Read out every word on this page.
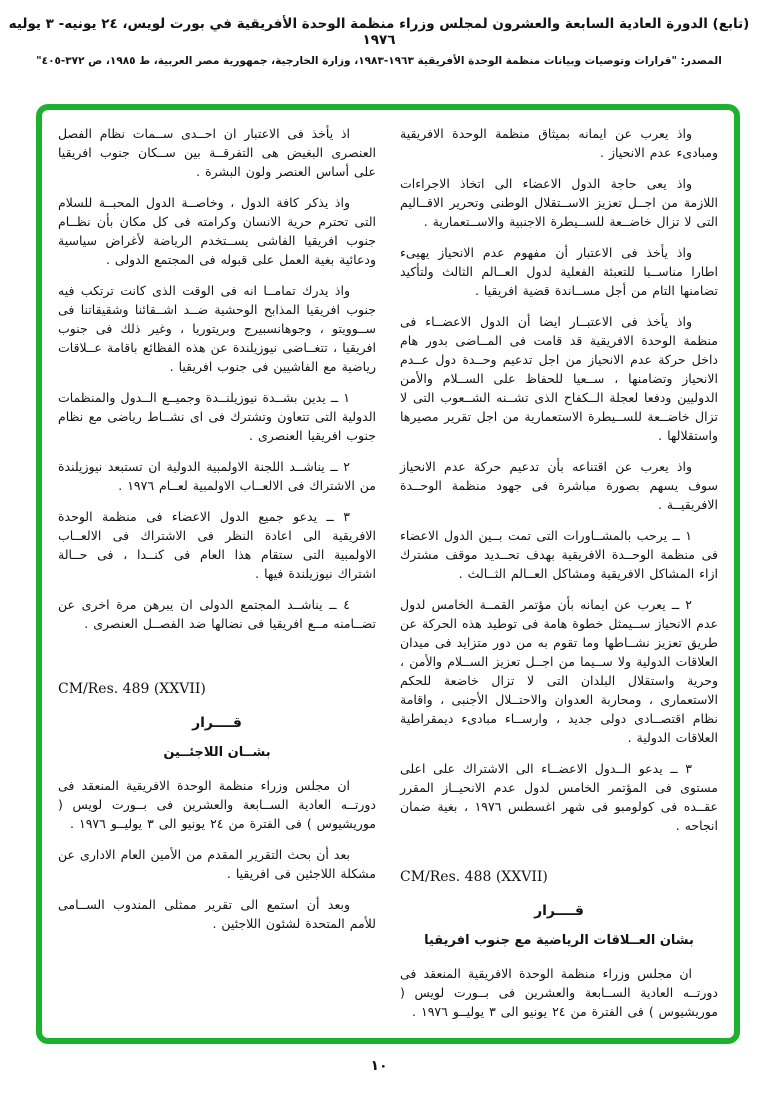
(تابع) الدورة العادية السابعة والعشرون لمجلس وزراء منظمة الوحدة الأفريقية في بورت لويس، ٢٤ يونيه- ٣ يوليه ١٩٧٦
المصدر: "قرارات وتوصيات وبيانات منظمة الوحدة الأفريقية ١٩٦٣-١٩٨٣، وزارة الخارجية، جمهورية مصر العربية، ط ١٩٨٥، ص ٣٧٢-٤٠٥"

واذ يعرب عن ايمانه بميثاق منظمة الوحدة الافريقية ومبادىء عدم الانحياز .

واذ يعى حاجة الدول الاعضاء الى اتخاذ الاجراءات اللازمة من اجــل تعزيز الاســتقلال الوطنى وتحرير الاقــاليم التى لا تزال خاضــعة للســيطرة الاجنبية والاســتعمارية .

واذ يأخذ فى الاعتبار أن مفهوم عدم الانحياز يهيىء اطارا مناســبا للتعبئة الفعلية لدول العــالم الثالث ولتأكيد تضامنها التام من أجل مســاندة قضية افريقيا .

واذ يأخذ فى الاعتبــار ايضا أن الدول الاعضــاء فى منظمة الوحدة الافريقية قد قامت فى المــاضى بدور هام داخل حركة عدم الانحياز من اجل تدعيم وحــدة دول عــدم الانحياز وتضامنها ، ســعيا للحفاظ على الســلام والأمن الدوليين ودفعا لعجلة الــكفاح الذى تشــنه الشــعوب التى لا تزال خاضــعة للســيطرة الاستعمارية من اجل تقرير مصيرها واستقلالها .

واذ يعرب عن اقتناعه بأن تدعيم حركة عدم الانحياز سوف يسهم بصورة مباشرة فى جهود منظمة الوحــدة الافريقيــة .

١ ــ يرحب بالمشــاورات التى تمت بــين الدول الاعضاء فى منظمة الوحــدة الافريقية بهدف تحــديد موقف مشترك ازاء المشاكل الافريقية ومشاكل العــالم الثــالث .

٢ ــ يعرب عن ايمانه بأن مؤتمر القمــة الخامس لدول عدم الانحياز ســيمثل خطوة هامة فى توطيد هذه الحركة عن طريق تعزيز نشــاطها وما تقوم به من دور متزايد فى ميدان العلاقات الدولية ولا ســيما من اجــل تعزيز الســلام والأمن ، وحرية واستقلال البلدان التى لا تزال خاضعة للحكم الاستعمارى ، ومحاربة العدوان والاحتــلال الأجنبى ، واقامة نظام اقتصــادى دولى جديد ، وارســاء مبادىء ديمقراطية العلاقات الدولية .

٣ ــ يدعو الــدول الاعضــاء الى الاشتراك على اعلى مستوى فى المؤتمر الخامس لدول عدم الانحيــاز المقرر عقــده فى كولومبو فى شهر اغسطس ١٩٧٦ ، بغية ضمان انجاحه .

CM/Res. 488 (XXVII)
قــــرار
بشان العــلاقات الرياضية مع جنوب افريقيا

ان مجلس وزراء منظمة الوحدة الافريقية المنعقد فى دورتــه العادية الســابعة والعشرين فى بــورت لويس ( موريشيوس ) فى الفترة من ٢٤ يونيو الى ٣ يوليــو ١٩٧٦ .

اذ يأخذ فى الاعتبار ان احــدى ســمات نظام الفصل العنصرى البغيض هى التفرقــة بين ســكان جنوب افريقيا على أساس العنصر ولون البشرة .

واذ يذكر كافة الدول ، وخاصــة الدول المحبــة للسلام التى تحترم حرية الانسان وكرامته فى كل مكان بأن نظــام جنوب افريقيا الفاشى يســتخدم الرياضة لأغراض سياسية ودعائية بغية العمل على قبوله فى المجتمع الدولى .

واذ يدرك تمامــا انه فى الوقت الذى كانت ترتكب فيه جنوب افريقيا المذابح الوحشية ضــد اشــقائنا وشقيقاتنا فى ســوويتو ، وجوهانسبيرج وبريتوريا ، وغير ذلك فى جنوب افريقيا ، تتغــاضى نيوزيلندة عن هذه الفظائع باقامة عــلاقات رياضية مع الفاشيين فى جنوب افريقيا .

١ ــ يدين بشــدة نيوزيلنــدة وجميــع الــدول والمنظمات الدولية التى تتعاون وتشترك فى اى نشــاط رياضى مع نظام جنوب افريقيا العنصرى .

٢ ــ يناشــد اللجنة الاولمبية الدولية ان تستبعد نيوزيلندة من الاشتراك فى الالعــاب الاولمبية لعــام ١٩٧٦ .

٣ ــ يدعو جميع الدول الاعضاء فى منظمة الوحدة الافريقية الى اعادة النظر فى الاشتراك فى الالعــاب الاولمبية التى ستقام هذا العام فى كنــدا ، فى حــالة اشتراك نيوزيلندة فيها .

٤ ــ يناشــد المجتمع الدولى ان يبرهن مرة اخرى عن تضــامنه مــع افريقيا فى نضالها ضد الفصــل العنصرى .

CM/Res. 489 (XXVII)
قــــرار
بشــان اللاجئــين

ان مجلس وزراء منظمة الوحدة الافريقية المنعقد فى دورتــه العادية الســابعة والعشرين فى بــورت لويس ( موريشيوس ) فى الفترة من ٢٤ يونيو الى ٣ يوليــو ١٩٧٦ .

بعد أن بحث التقرير المقدم من الأمين العام الادارى عن مشكلة اللاجئين فى افريقيا .

وبعد أن استمع الى تقرير ممثلى المندوب الســامى للأمم المتحدة لشئون اللاجئين .

١٠
